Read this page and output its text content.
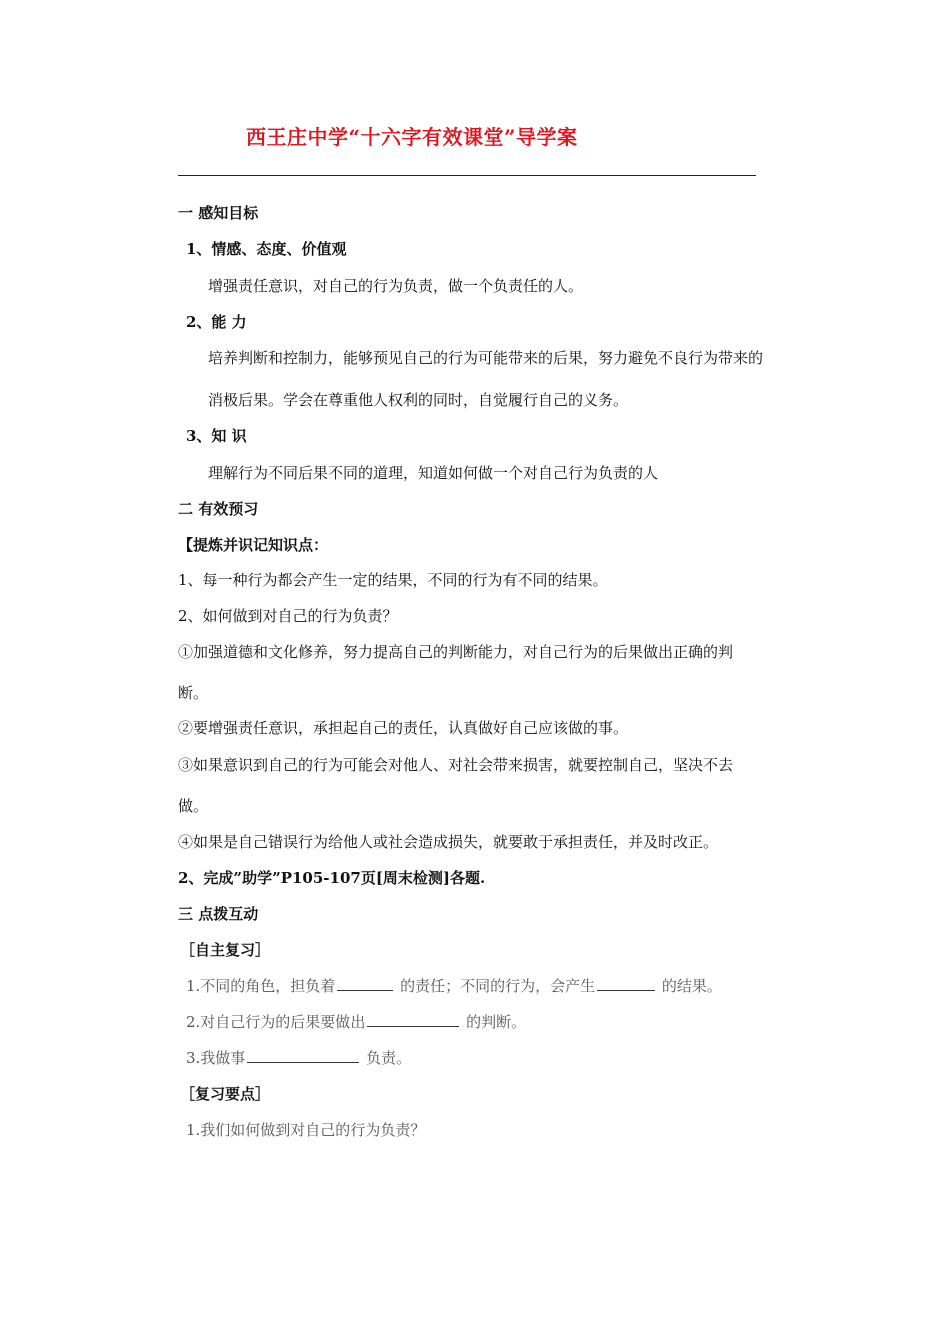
西王庄中学“十六字有效课堂”导学案
一 感知目标
1、情感、态度、价值观
增强责任意识，对自己的行为负责，做一个负责任的人。
2、能 力
培养判断和控制力，能够预见自己的行为可能带来的后果，努力避免不良行为带来的
消极后果。学会在尊重他人权利的同时，自觉履行自己的义务。
3、知 识
理解行为不同后果不同的道理，知道如何做一个对自己行为负责的人
二 有效预习
【提炼并识记知识点：
1、每一种行为都会产生一定的结果，不同的行为有不同的结果。
2、如何做到对自己的行为负责？
①加强道德和文化修养，努力提高自己的判断能力，对自己行为的后果做出正确的判
断。
②要增强责任意识，承担起自己的责任，认真做好自己应该做的事。
③如果意识到自己的行为可能会对他人、对社会带来损害，就要控制自己，坚决不去
做。
④如果是自己错误行为给他人或社会造成损失，就要敢于承担责任，并及时改正。
2、完成”助学”P105-107页[周末检测]各题.
三 点拨互动
［自主复习］
1.不同的角色，担负着	的责任；不同的行为，会产生	的结果。
2.对自己行为的后果要做出	的判断。
3.我做事	负责。
［复习要点］
1.我们如何做到对自己的行为负责？
